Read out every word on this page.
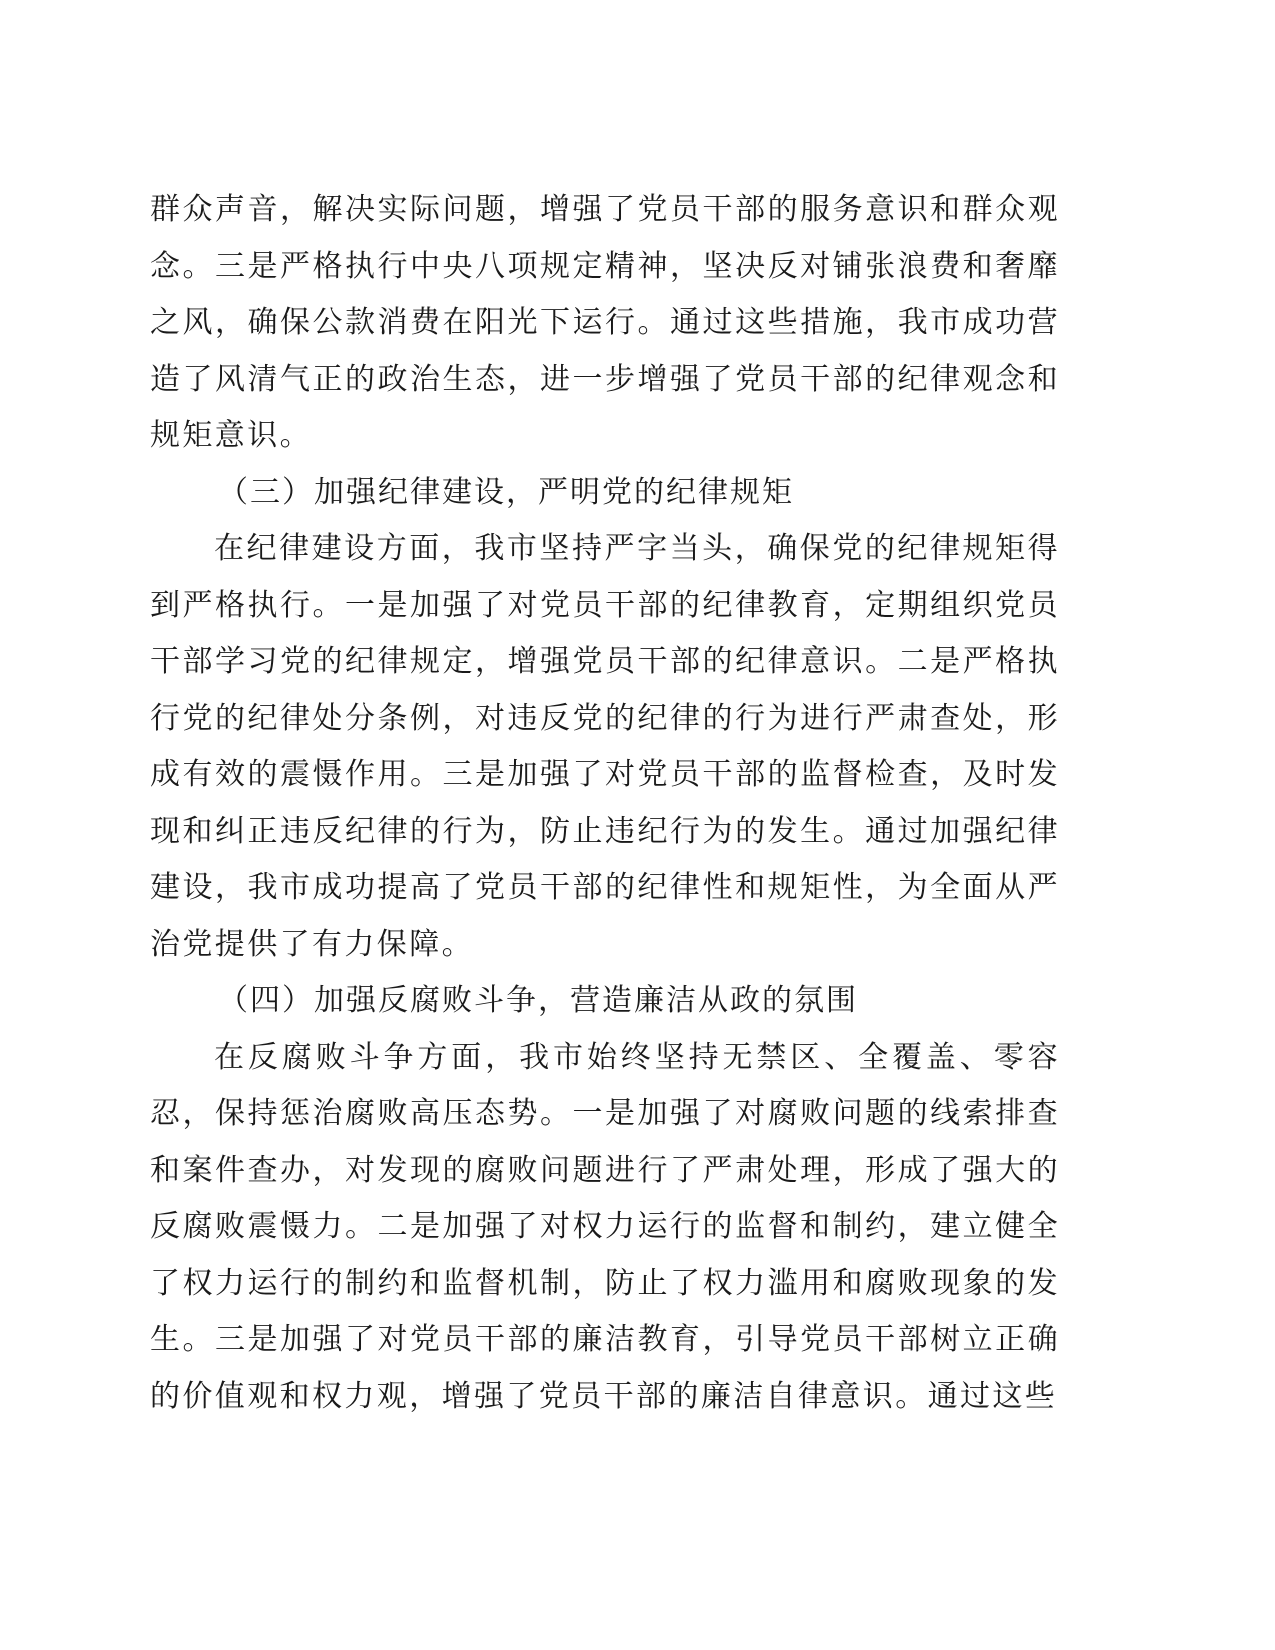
群众声音，解决实际问题，增强了党员干部的服务意识和群众观念。三是严格执行中央八项规定精神，坚决反对铺张浪费和奢靡之风，确保公款消费在阳光下运行。通过这些措施，我市成功营造了风清气正的政治生态，进一步增强了党员干部的纪律观念和规矩意识。

（三）加强纪律建设，严明党的纪律规矩

在纪律建设方面，我市坚持严字当头，确保党的纪律规矩得到严格执行。一是加强了对党员干部的纪律教育，定期组织党员干部学习党的纪律规定，增强党员干部的纪律意识。二是严格执行党的纪律处分条例，对违反党的纪律的行为进行严肃查处，形成有效的震慑作用。三是加强了对党员干部的监督检查，及时发现和纠正违反纪律的行为，防止违纪行为的发生。通过加强纪律建设，我市成功提高了党员干部的纪律性和规矩性，为全面从严治党提供了有力保障。

（四）加强反腐败斗争，营造廉洁从政的氛围

在反腐败斗争方面，我市始终坚持无禁区、全覆盖、零容忍，保持惩治腐败高压态势。一是加强了对腐败问题的线索排查和案件查办，对发现的腐败问题进行了严肃处理，形成了强大的反腐败震慑力。二是加强了对权力运行的监督和制约，建立健全了权力运行的制约和监督机制，防止了权力滥用和腐败现象的发生。三是加强了对党员干部的廉洁教育，引导党员干部树立正确的价值观和权力观，增强了党员干部的廉洁自律意识。通过这些
